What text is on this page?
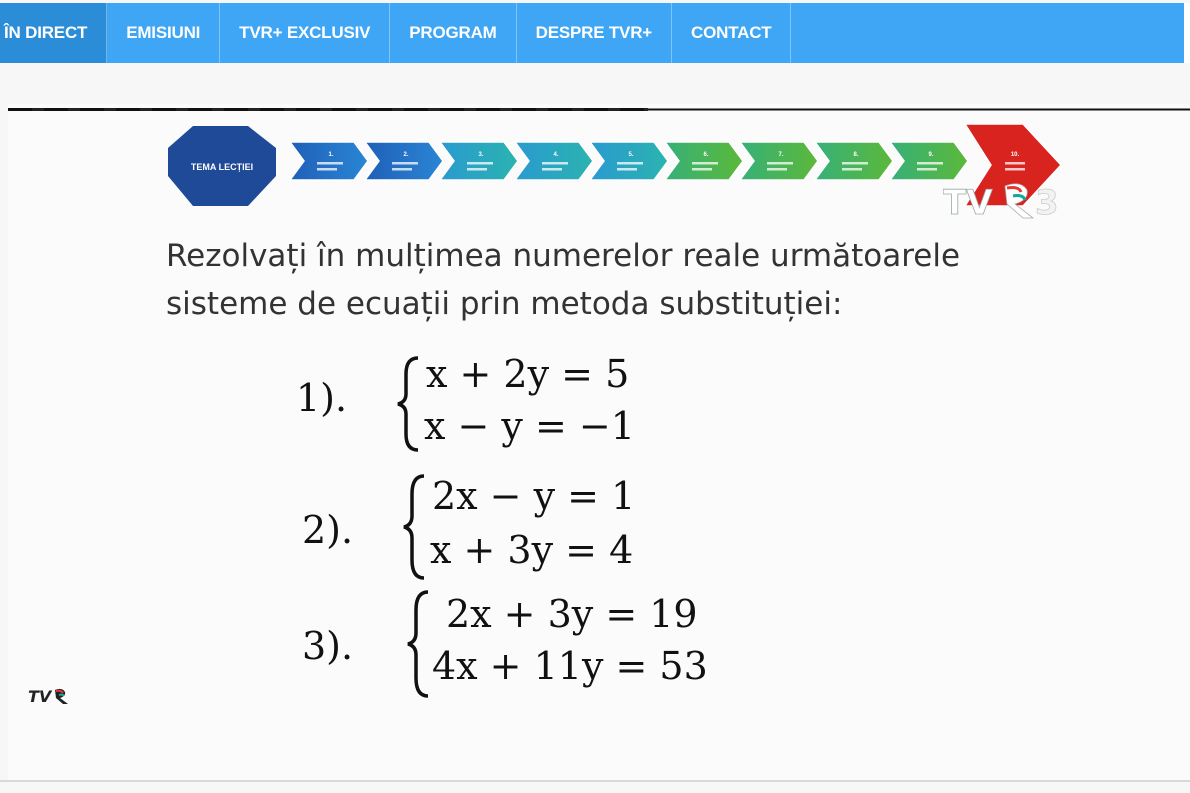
ÎN DIRECT	EMISIUNI	TVR+ EXCLUSIV	PROGRAM	DESPRE TVR+	CONTACT
TEMA LECȚIEI
1.	2.	3.	4.	5.	6.	7.	8.	9.	10.
TV 3
Rezolvați în mulțimea numerelor reale următoarele
sisteme de ecuații prin metoda substituției:
1).
x + 2y = 5
x − y = −1
2).
2x − y = 1
x + 3y = 4
3).
2x + 3y = 19
4x + 11y = 53
TV
